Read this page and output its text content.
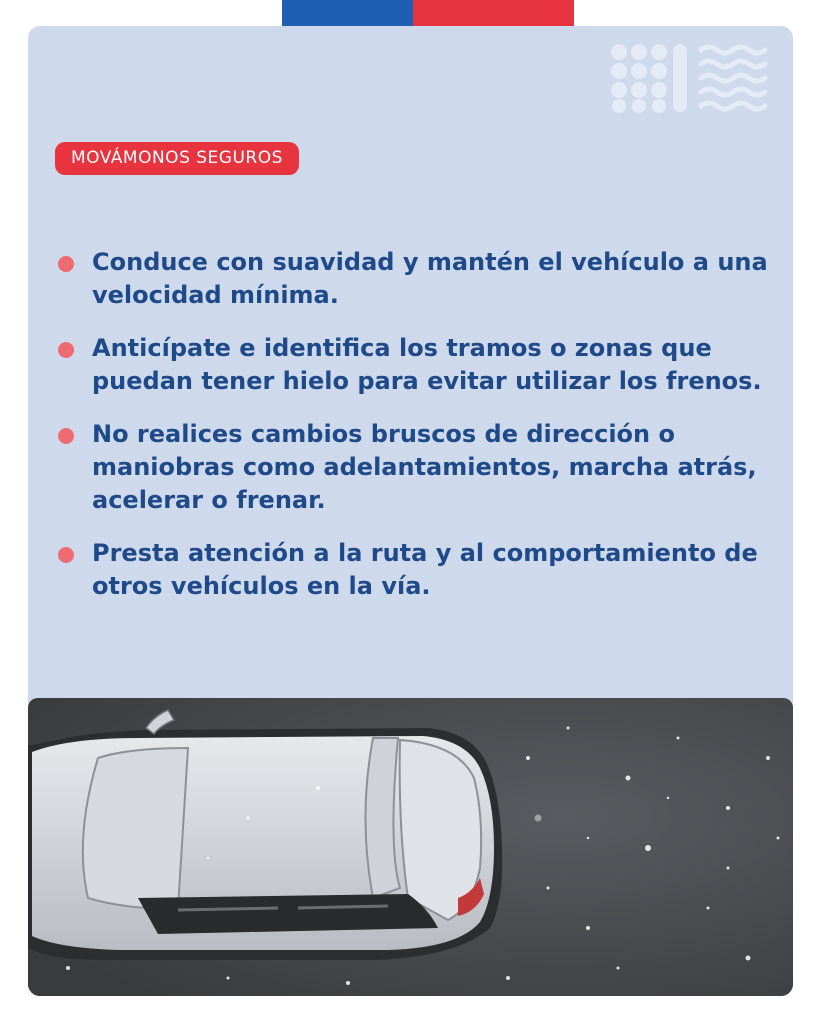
MOVÁMONOS SEGUROS
Conduce con suavidad y mantén el vehículo a una velocidad mínima.
Anticípate e identifica los tramos o zonas que puedan tener hielo para evitar utilizar los frenos.
No realices cambios bruscos de dirección o maniobras como adelantamientos, marcha atrás, acelerar o frenar.
Presta atención a la ruta y al comportamiento de otros vehículos en la vía.
